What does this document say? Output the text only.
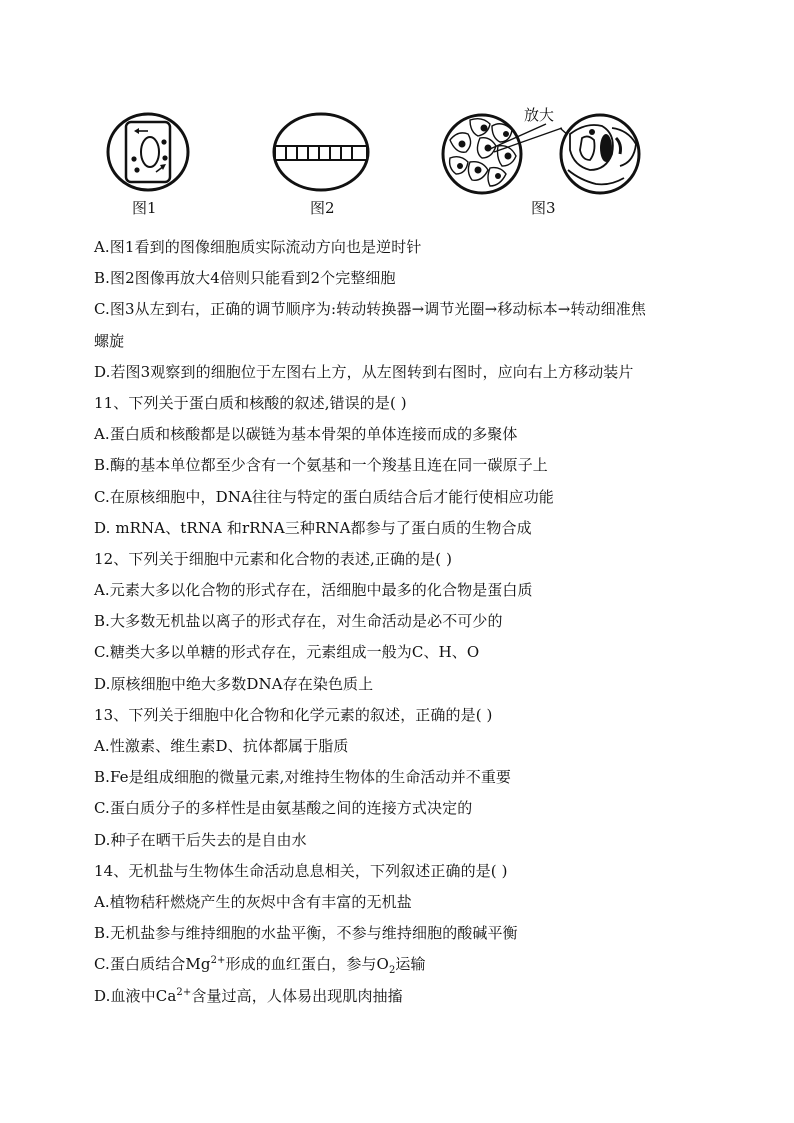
图1	图2
放大
图3
A.图1看到的图像细胞质实际流动方向也是逆时针
B.图2图像再放大4倍则只能看到2个完整细胞
C.图3从左到右，正确的调节顺序为:转动转换器→调节光圈→移动标本→转动细准焦
螺旋
D.若图3观察到的细胞位于左图右上方，从左图转到右图时，应向右上方移动装片
11、下列关于蛋白质和核酸的叙述,错误的是( )
A.蛋白质和核酸都是以碳链为基本骨架的单体连接而成的多聚体
B.酶的基本单位都至少含有一个氨基和一个羧基且连在同一碳原子上
C.在原核细胞中，DNA往往与特定的蛋白质结合后才能行使相应功能
D. mRNA、tRNA 和rRNA三种RNA都参与了蛋白质的生物合成
12、下列关于细胞中元素和化合物的表述,正确的是( )
A.元素大多以化合物的形式存在，活细胞中最多的化合物是蛋白质
B.大多数无机盐以离子的形式存在，对生命活动是必不可少的
C.糖类大多以单糖的形式存在，元素组成一般为C、H、O
D.原核细胞中绝大多数DNA存在染色质上
13、下列关于细胞中化合物和化学元素的叙述，正确的是( )
A.性激素、维生素D、抗体都属于脂质
B.Fe是组成细胞的微量元素,对维持生物体的生命活动并不重要
C.蛋白质分子的多样性是由氨基酸之间的连接方式决定的
D.种子在晒干后失去的是自由水
14、无机盐与生物体生命活动息息相关，下列叙述正确的是( )
A.植物秸秆燃烧产生的灰烬中含有丰富的无机盐
B.无机盐参与维持细胞的水盐平衡，不参与维持细胞的酸碱平衡
C.蛋白质结合$Mg^{2+}$形成的血红蛋白，参与$O_2$运输
D.血液中$Ca^{2+}$含量过高，人体易出现肌肉抽搐
